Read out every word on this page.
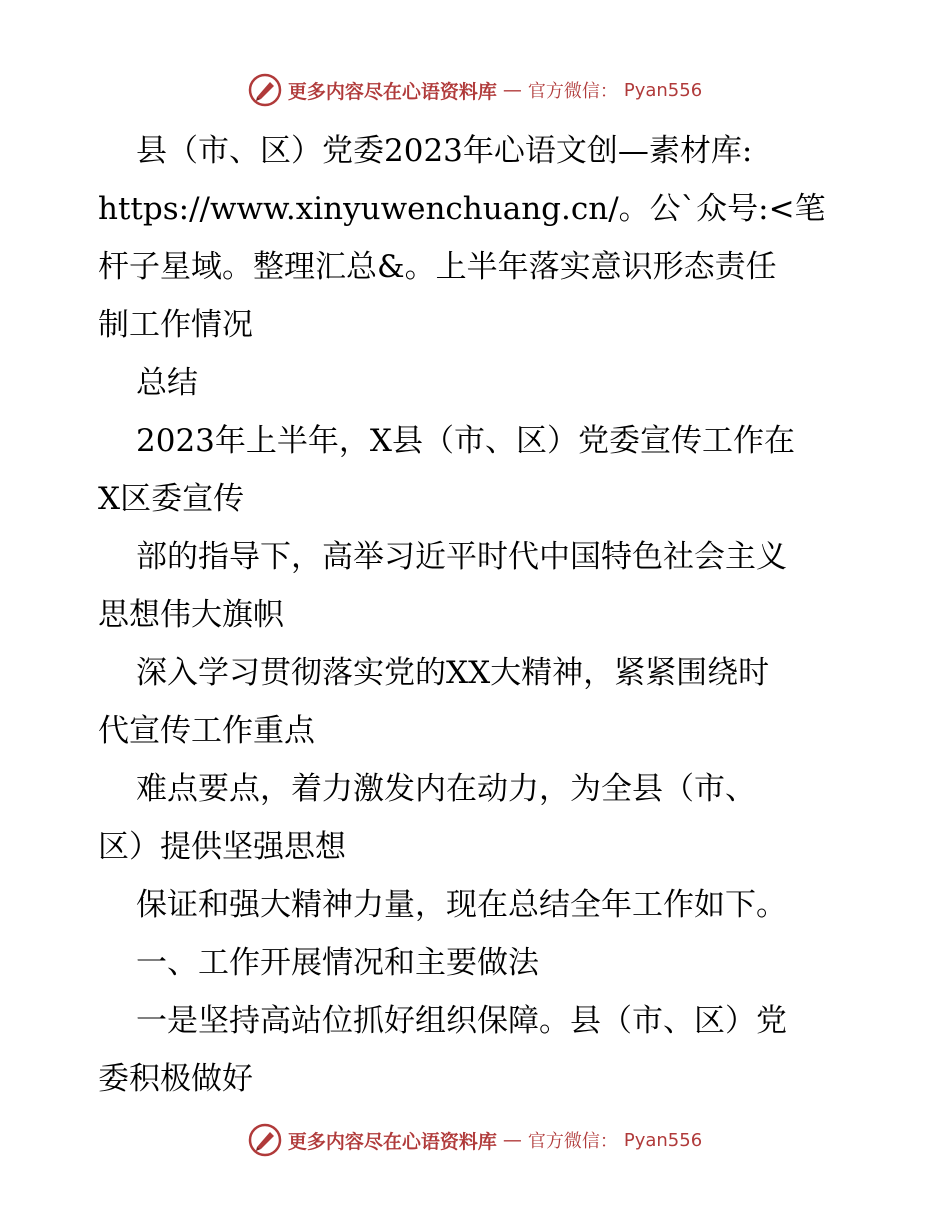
更多内容尽在心语资料库 — 官方微信： Pyan556
县（市、区）党委2023年心语文创—素材库:
https://www.xinyuwenchuang.cn/。公`众号:<笔
杆子星域。整理汇总&。上半年落实意识形态责任
制工作情况
总结
2023年上半年，X县（市、区）党委宣传工作在
X区委宣传
部的指导下，高举习近平时代中国特色社会主义
思想伟大旗帜
深入学习贯彻落实党的XX大精神，紧紧围绕时
代宣传工作重点
难点要点，着力激发内在动力，为全县（市、
区）提供坚强思想
保证和强大精神力量，现在总结全年工作如下。
一、工作开展情况和主要做法
一是坚持高站位抓好组织保障。县（市、区）党
委积极做好
更多内容尽在心语资料库 — 官方微信： Pyan556
